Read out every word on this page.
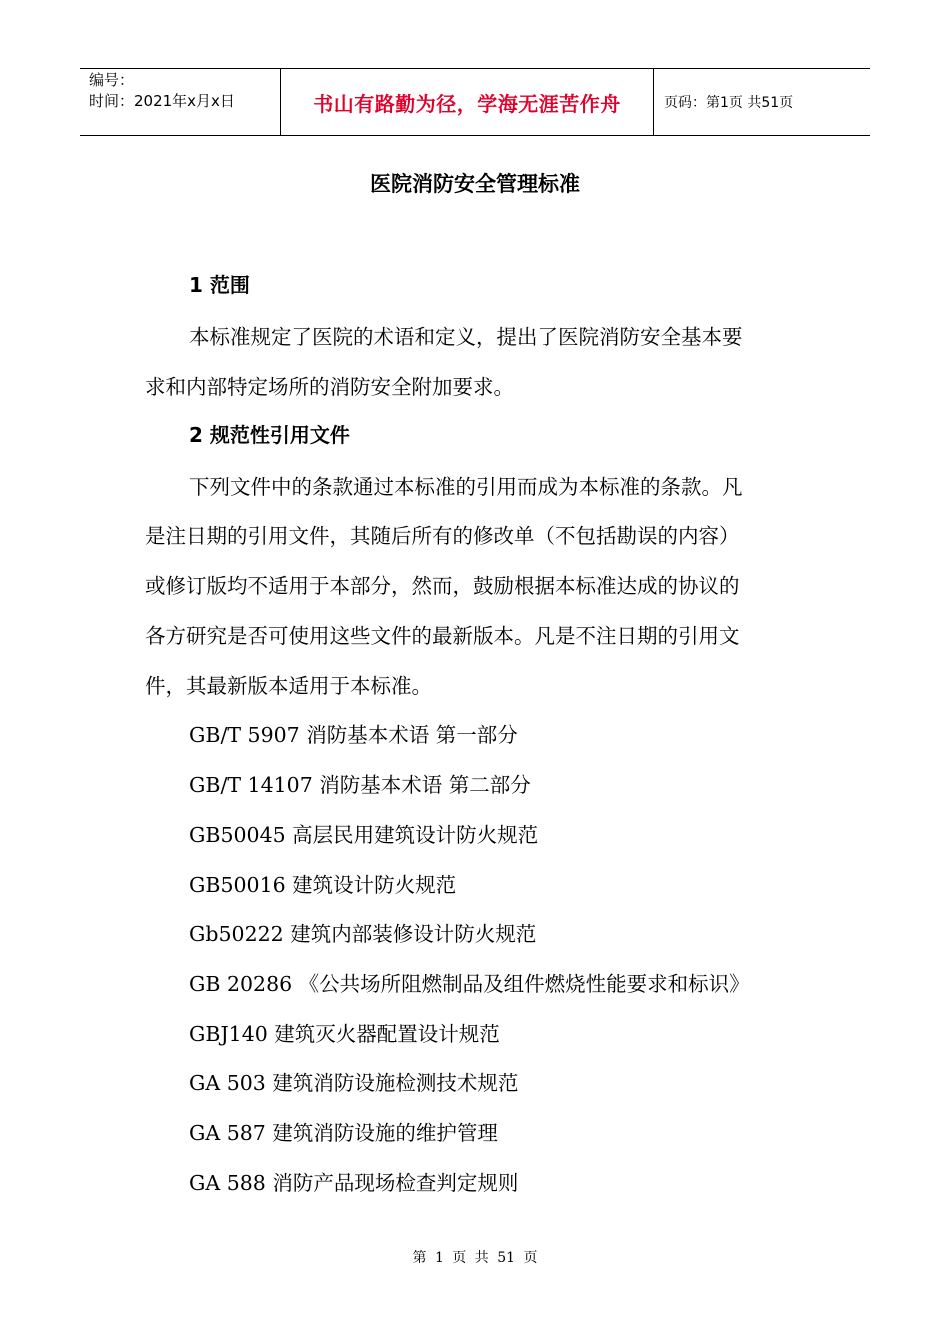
编号：
时间：2021年x月x日	书山有路勤为径，学海无涯苦作舟	页码：第1页 共51页
医院消防安全管理标准
1 范围
本标准规定了医院的术语和定义，提出了医院消防安全基本要
求和内部特定场所的消防安全附加要求。
2 规范性引用文件
下列文件中的条款通过本标准的引用而成为本标准的条款。凡
是注日期的引用文件，其随后所有的修改单（不包括勘误的内容）
或修订版均不适用于本部分，然而，鼓励根据本标准达成的协议的
各方研究是否可使用这些文件的最新版本。凡是不注日期的引用文
件，其最新版本适用于本标准。
GB/T 5907 消防基本术语 第一部分
GB/T 14107 消防基本术语 第二部分
GB50045 高层民用建筑设计防火规范
GB50016 建筑设计防火规范
Gb50222 建筑内部装修设计防火规范
GB 20286 《公共场所阻燃制品及组件燃烧性能要求和标识》
GBJ140 建筑灭火器配置设计规范
GA 503 建筑消防设施检测技术规范
GA 587 建筑消防设施的维护管理
GA 588 消防产品现场检查判定规则
第 1 页 共 51 页
